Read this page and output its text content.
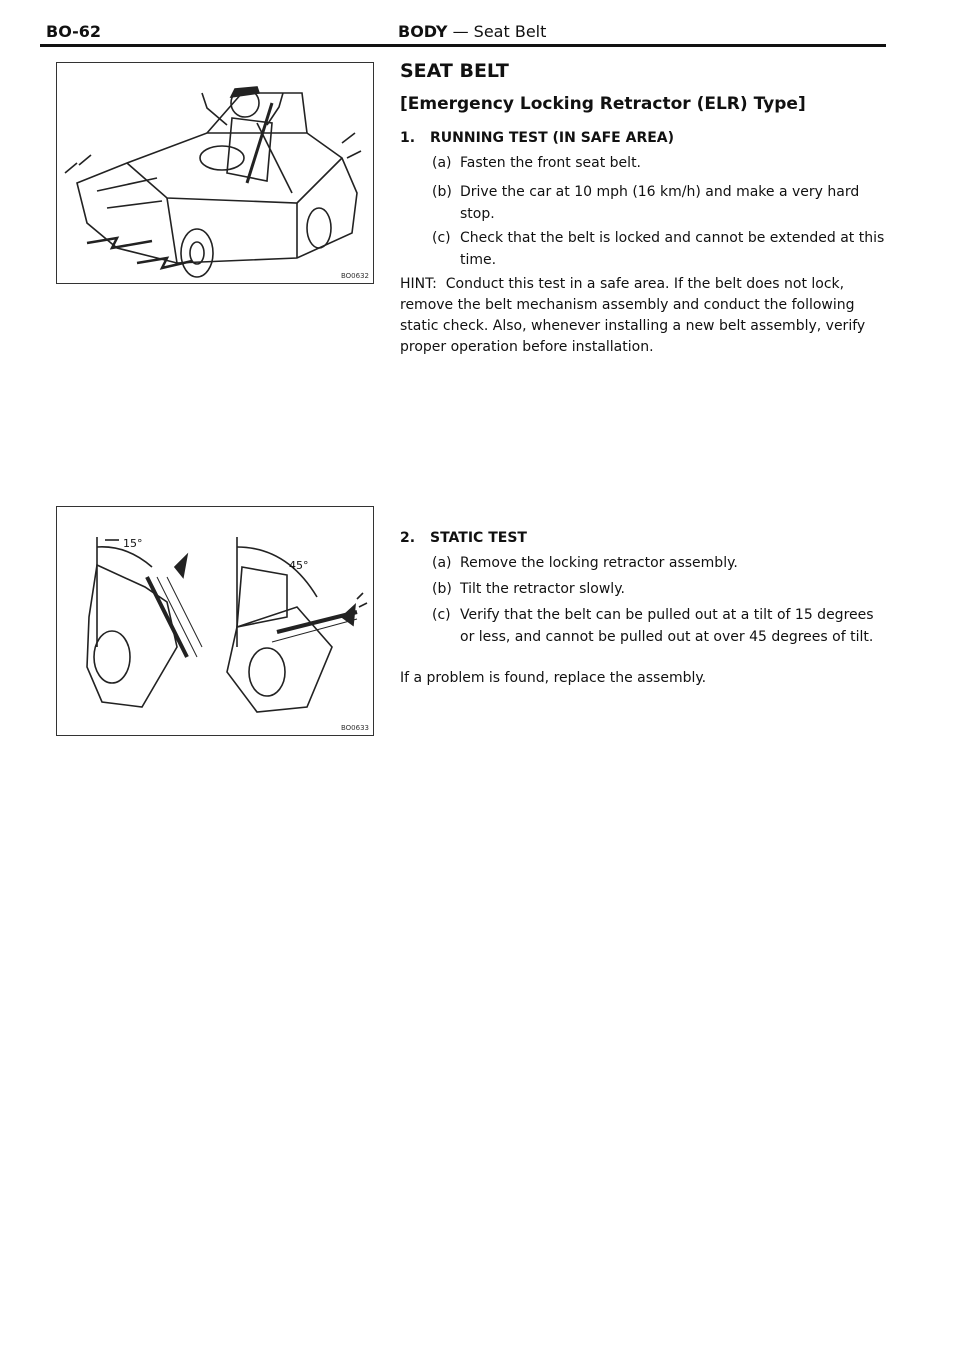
BO-62	BODY — Seat Belt
BO0632
15°
45°
BO0633
SEAT BELT
[Emergency Locking Retractor (ELR) Type]
1. RUNNING TEST (IN SAFE AREA)
(a) Fasten the front seat belt.
(b) Drive the car at 10 mph (16 km/h) and make a very hard stop.
(c) Check that the belt is locked and cannot be extended at this time.
HINT: Conduct this test in a safe area. If the belt does not lock, remove the belt mechanism assembly and conduct the following static check. Also, whenever installing a new belt assembly, verify proper operation before installation.
2. STATIC TEST
(a) Remove the locking retractor assembly.
(b) Tilt the retractor slowly.
(c) Verify that the belt can be pulled out at a tilt of 15 degrees or less, and cannot be pulled out at over 45 degrees of tilt.
If a problem is found, replace the assembly.
